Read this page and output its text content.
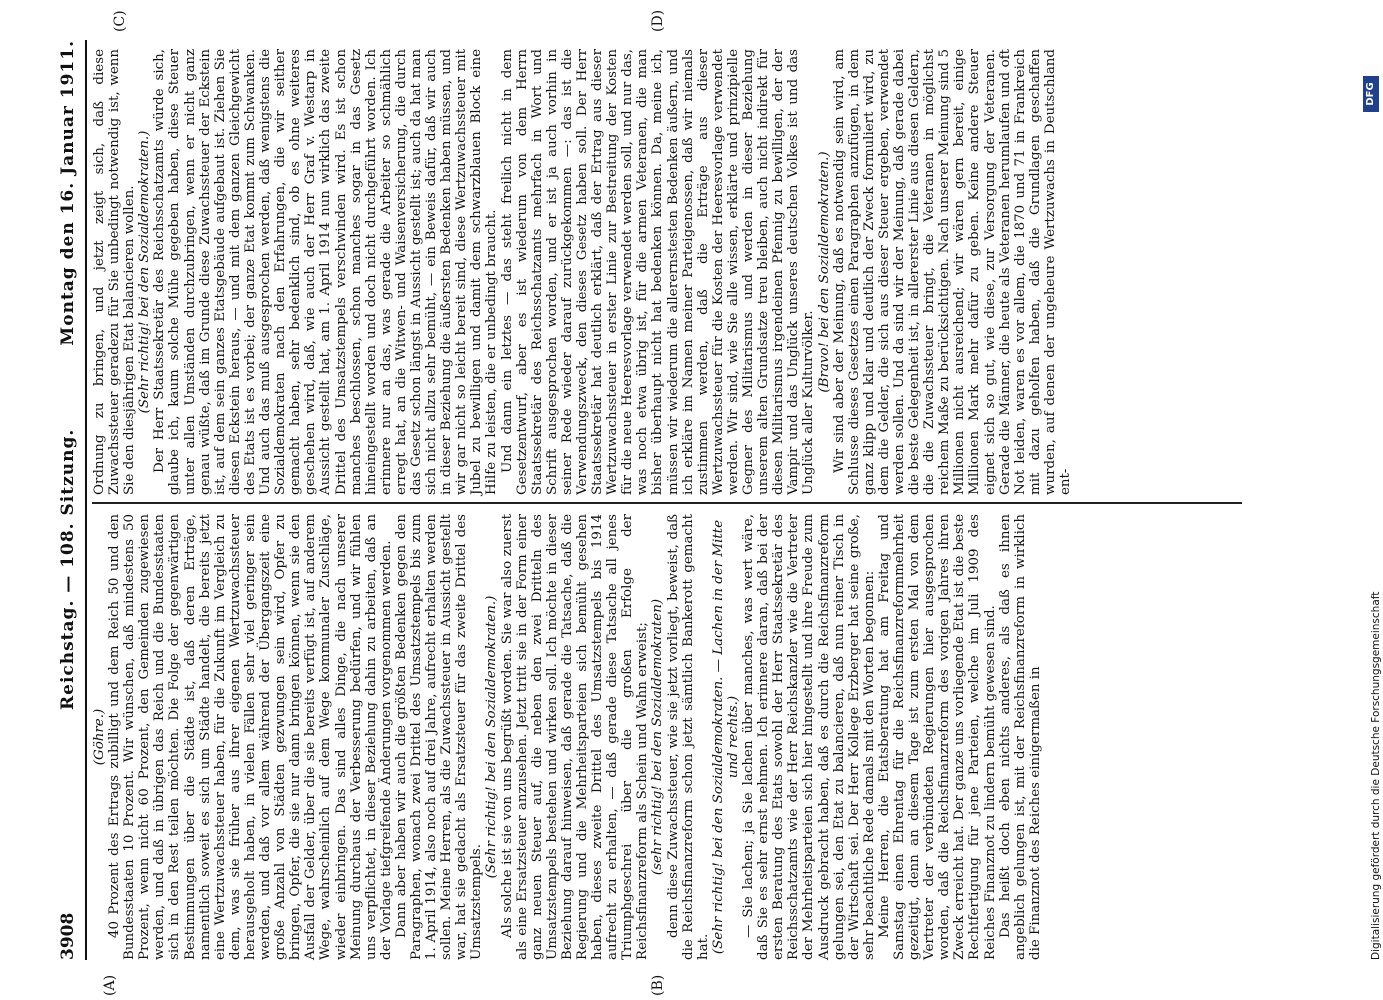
3908
Reichstag. — 108. Sitzung.
Montag den 16. Januar 1911.
(A)	(B)
(C)	(D)

(Göhre.) 40 Prozent des Ertrags zubilligt und dem Reich 50 und den Bundesstaaten 10 Prozent. Wir wünschen, daß mindestens 50 Prozent, wenn nicht 60 Prozent, den Gemeinden zugewiesen werden, und daß in übrigen das Reich und die Bundesstaaten sich in den Rest teilen möchten. Die Folge der gegenwärtigen Bestimmungen über die Städte ist, daß deren Erträge, namentlich soweit es sich um Städte handelt, die bereits jetzt eine Wertzuwachssteuer haben, für die Zukunft im Vergleich zu dem, was sie früher aus ihrer eigenen Wertzuwachssteuer herausgeholt haben, in vielen Fällen sehr viel geringer sein werden, und daß vor allem während der Übergangszeit eine große Anzahl von Städten gezwungen sein wird, Opfer zu bringen, Opfer, die sie nur dann bringen können, wenn sie den Ausfall der Gelder, über die sie bereits verfügt ist, auf anderem Wege, wahrscheinlich auf dem Wege kommunaler Zuschläge, wieder einbringen. Das sind alles Dinge, die nach unserer Meinung durchaus der Verbesserung bedürfen, und wir fühlen uns verpflichtet, in dieser Beziehung dahin zu arbeiten, daß an der Vorlage tiefgreifende Änderungen vorgenommen werden. Dann aber haben wir auch die größten Bedenken gegen den Paragraphen, wonach zwei Drittel des Umsatzstempels bis zum 1. April 1914, also noch auf drei Jahre, aufrecht erhalten werden sollen. Meine Herren, als die Zuwachssteuer in Aussicht gestellt war, hat sie gedacht als Ersatzsteuer für das zweite Drittel des Umsatzstempels.

(Sehr richtig! bei den Sozialdemokraten.) Als solche ist sie von uns begrüßt worden. Sie war also zuerst als eine Ersatzsteuer anzusehen. Jetzt tritt sie in der Form einer ganz neuen Steuer auf, die neben den zwei Dritteln des Umsatzstempels bestehen und wirken soll. Ich möchte in dieser Beziehung darauf hinweisen, daß gerade die Tatsache, daß die Regierung und die Mehrheitsparteien sich bemüht gesehen haben, dieses zweite Drittel des Umsatzstempels bis 1914 aufrecht zu erhalten, — daß gerade diese Tatsache all jenes Triumphgeschrei über die großen Erfolge der Reichsfinanzreform als Schein und Wahn erweist; (sehr richtig! bei den Sozialdemokraten) denn diese Zuwachssteuer, wie sie jetzt vorliegt, beweist, daß die Reichsfinanzreform schon jetzt sämtlich Bankerott gemacht hat. (Sehr richtig! bei den Sozialdemokraten. — Lachen in der Mitte und rechts.) — Sie lachen; ja Sie lachen über manches, was wert wäre, daß Sie es sehr ernst nehmen. Ich erinnere daran, daß bei der ersten Beratung des Etats sowohl der Herr Staatssekretär des Reichsschatzamts wie der Herr Reichskanzler wie die Vertreter der Mehrheitsparteien sich hier hingestellt und ihre Freude zum Ausdruck gebracht haben, daß es durch die Reichsfinanzreform gelungen sei, den Etat zu balancieren, daß nun reiner Tisch in der Wirtschaft sei. Der Herr Kollege Erzberger hat seine große, sehr beachtliche Rede damals mit den Worten begonnen: Meine Herren, die Etatsberatung hat am Freitag und Samstag einen Ehrentag für die Reichsfinanzreformmehrheit gezeitigt, denn an diesem Tage ist zum ersten Mal von dem Vertreter der verbündeten Regierungen hier ausgesprochen worden, daß die Reichsfinanzreform des vorigen Jahres ihren Zweck erreicht hat. Der ganze uns vorliegende Etat ist die beste Rechtfertigung für jene Parteien, welche im Juli 1909 des Reiches Finanznot zu lindern bemüht gewesen sind. Das heißt doch eben nichts anderes, als daß es ihnen angeblich gelungen ist, mit der Reichsfinanzreform in wirklich die Finanznot des Reiches einigermaßen in

Ordnung zu bringen, und jetzt zeigt sich, daß diese Zuwachssteuer geradezu für Sie unbedingt notwendig ist, wenn Sie den diesjährigen Etat balancieren wollen. (Sehr richtig! bei den Sozialdemokraten.) Der Herr Staatssekretär des Reichsschatzamts würde sich, glaube ich, kaum solche Mühe gegeben haben, diese Steuer unter allen Umständen durchzubringen, wenn er nicht ganz genau wüßte, daß im Grunde diese Zuwachssteuer der Eckstein ist, auf dem sein ganzes Etatsgebäude aufgebaut ist. Ziehen Sie diesen Eckstein heraus, — und mit dem ganzen Gleichgewicht des Etats ist es vorbei; der ganze Etat kommt zum Schwanken. Und auch das muß ausgesprochen werden, daß wenigstens die Sozialdemokraten nach den Erfahrungen, die wir seither gemacht haben, sehr bedenklich sind, ob es ohne weiteres geschehen wird, daß, wie auch der Herr Graf v. Westarp in Aussicht gestellt hat, am 1. April 1914 nun wirklich das zweite Drittel des Umsatzstempels verschwinden wird. Es ist schon manches beschlossen, schon manches sogar in das Gesetz hineingestellt worden und doch nicht durchgeführt worden. Ich erinnere nur an das, was gerade die Arbeiter so schmählich erregt hat, an die Witwen- und Waisenversicherung, die durch das Gesetz schon längst in Aussicht gestellt ist; auch da hat man sich nicht allzu sehr bemüht, — ein Beweis dafür, daß wir auch in dieser Beziehung die äußersten Bedenken haben müssen, und wir gar nicht so leicht bereit sind, diese Wertzuwachssteuer mit Jubel zu bewilligen und damit dem schwarzblauen Block eine Hilfe zu leisten, die er unbedingt braucht. Und dann ein letztes — das steht freilich nicht in dem Gesetzentwurf, aber es ist wiederum von dem Herrn Staatssekretär des Reichsschatzamts mehrfach in Wort und Schrift ausgesprochen worden, und er ist ja auch vorhin in seiner Rede wieder darauf zurückgekommen —: das ist die Verwendungszweck, den dieses Gesetz haben soll. Der Herr Staatssekretär hat deutlich erklärt, daß der Ertrag aus dieser Wertzuwachssteuer in erster Linie zur Bestreitung der Kosten für die neue Heeresvorlage verwendet werden soll, und nur das, was noch etwa übrig ist, für die armen Veteranen, die man bisher überhaupt nicht hat bedenken können. Da, meine ich, müssen wir wiederum die allerernstesten Bedenken äußern, und ich erkläre im Namen meiner Parteigenossen, daß wir niemals zustimmen werden, daß die Erträge aus dieser Wertzuwachssteuer für die Kosten der Heeresvorlage verwendet werden. Wir sind, wie Sie alle wissen, erklärte und prinzipielle Gegner des Militarismus und werden in dieser Beziehung unserem alten Grundsatze treu bleiben, auch nicht indirekt für diesen Militarismus irgendeinen Pfennig zu bewilligen, der der Vampir und das Unglück unseres deutschen Volkes ist und das Unglück aller Kulturvölker.

(Bravo! bei den Sozialdemokraten.) Wir sind aber der Meinung, daß es notwendig sein wird, am Schlusse dieses Gesetzes einen Paragraphen anzufügen, in dem ganz klipp und klar und deutlich der Zweck formuliert wird, zu dem die Gelder, die sich aus dieser Steuer ergeben, verwendet werden sollen. Und da sind wir der Meinung, daß gerade dabei die beste Gelegenheit ist, in allererster Linie aus diesen Geldern, die die Zuwachssteuer bringt, die Veteranen in möglichst reichem Maße zu berücksichtigen. Nach unserer Meinung sind 5 Millionen nicht ausreichend; wir wären gern bereit, einige Millionen Mark mehr dafür zu geben. Keine andere Steuer eignet sich so gut, wie diese, zur Versorgung der Veteranen. Gerade die Männer, die heute als Veteranen herumlaufen und oft Not leiden, waren es vor allem, die 1870 und 71 in Frankreich mit dazu geholfen haben, daß die Grundlagen geschaffen wurden, auf denen der ungeheure Wertzuwachs in Deutschland ent-

Digitalisierung gefördert durch die Deutsche Forschungsgemeinschaft
DFG
